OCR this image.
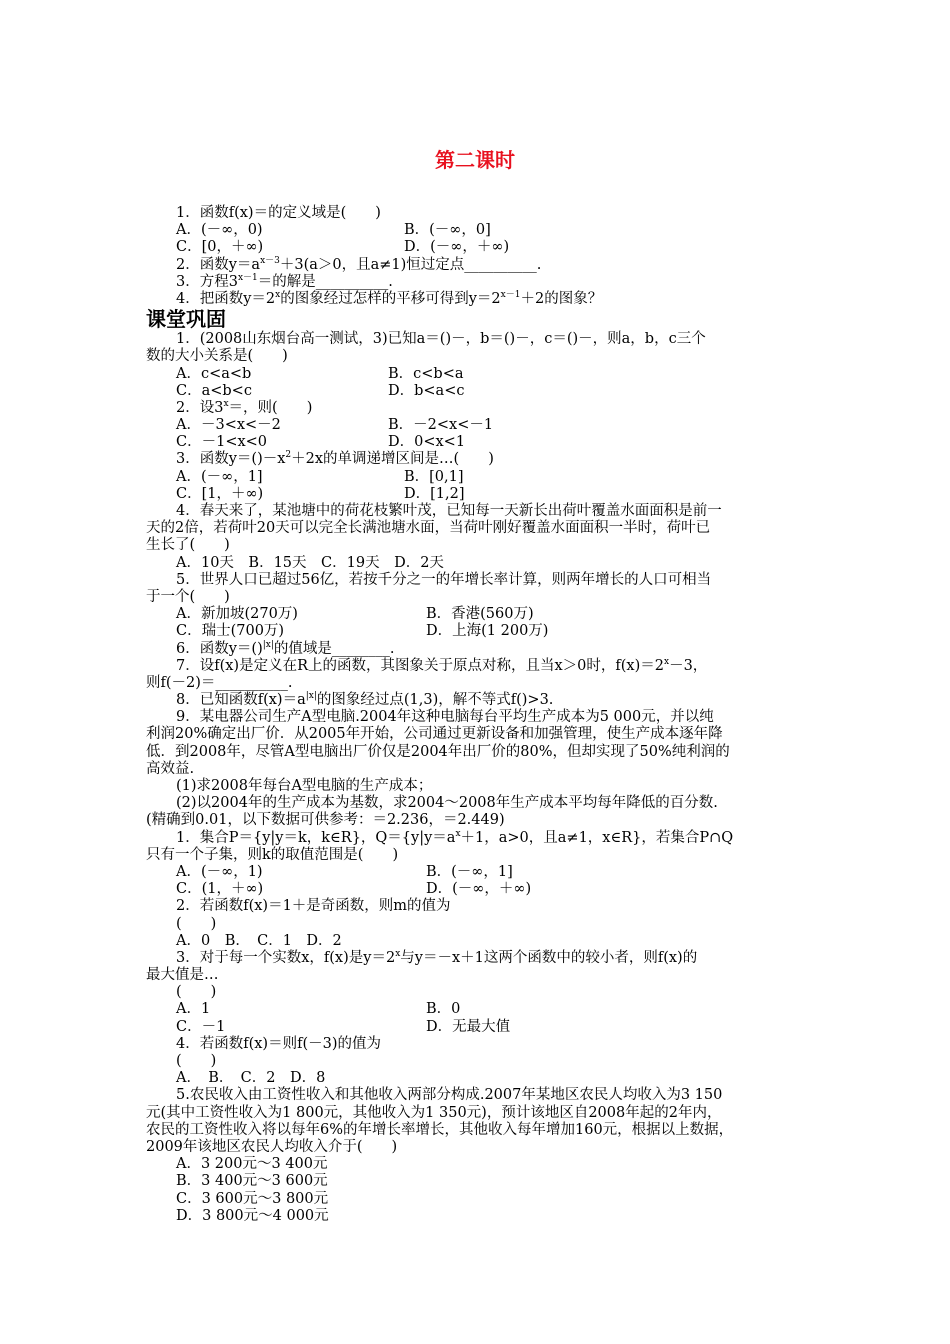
第二课时
1．函数f(x)＝的定义域是(　　)
A．(－∞，0)	B．(－∞，0]
C．[0，＋∞)	D．(－∞，＋∞)
2．函数$y=a^{x-3}+3(a>0$，且a≠1)恒过定点__________.
3．方程$3^{x-1}=$的解是__________.
4．把函数$y=2^x$的图象经过怎样的平移可得到$y=2^{x-1}+2$的图象？
课堂巩固
1．(2008山东烟台高一测试，3)已知a＝()－，b＝()－，c＝()－，则a，b，c三个
数的大小关系是(　　)
A．c<a<b	B．c<b<a
C．a<b<c	D．b<a<c
2．设$3^x=$，则(　　)
A．－3<x<－2	B．－2<x<－1
C．－1<x<0	D．0<x<1
3．函数$y=()-x^2+2x$的单调递增区间是…(　　)
A．(－∞，1]	B．[0,1]
C．[1，＋∞)	D．[1,2]
4．春天来了，某池塘中的荷花枝繁叶茂，已知每一天新长出荷叶覆盖水面面积是前一
天的2倍，若荷叶20天可以完全长满池塘水面，当荷叶刚好覆盖水面面积一半时，荷叶已
生长了(　　)
A．10天　B．15天　C．19天　D．2天
5．世界人口已超过56亿，若按千分之一的年增长率计算，则两年增长的人口可相当
于一个(　　)
A．新加坡(270万)	B．香港(560万)
C．瑞士(700万)	D．上海(1 200万)
6．函数y＝()$^{|x|}$的值域是________.
7．设f(x)是定义在R上的函数，其图象关于原点对称，且当x＞0时，$f(x)=2^x-3$，
则f(－2)＝__________.
8．已知函数$f(x)=a^{|x|}$的图象经过点(1,3)，解不等式f()>3.
9．某电器公司生产A型电脑.2004年这种电脑每台平均生产成本为5 000元，并以纯
利润20%确定出厂价．从2005年开始，公司通过更新设备和加强管理，使生产成本逐年降
低．到2008年，尽管A型电脑出厂价仅是2004年出厂价的80%，但却实现了50%纯利润的
高效益.
(1)求2008年每台A型电脑的生产成本；
(2)以2004年的生产成本为基数，求2004～2008年生产成本平均每年降低的百分数.
(精确到0.01，以下数据可供参考：＝2.236，＝2.449)
1．集合P＝{y|y＝k，k∈R}，$Q=\{y|y=a^x+1$，a>0，且a≠1，x∈R}，若集合P∩Q
只有一个子集，则k的取值范围是(　　)
A．(－∞，1)	B．(－∞，1]
C．(1，＋∞)	D．(－∞，＋∞)
2．若函数f(x)＝1＋是奇函数，则m的值为
(　　)
A．0　B．　C．1　D．2
3．对于每一个实数x，f(x)是$y=2^x$与y＝－x＋1这两个函数中的较小者，则f(x)的
最大值是…
(　　)
A．1	B．0
C．－1	D．无最大值
4．若函数f(x)＝则f(－3)的值为
(　　)
A．　B．　C．2　D．8
5.农民收入由工资性收入和其他收入两部分构成.2007年某地区农民人均收入为3 150
元(其中工资性收入为1 800元，其他收入为1 350元)，预计该地区自2008年起的2年内，
农民的工资性收入将以每年6%的年增长率增长，其他收入每年增加160元，根据以上数据，
2009年该地区农民人均收入介于(　　)
A．3 200元～3 400元
B．3 400元～3 600元
C．3 600元～3 800元
D．3 800元～4 000元
